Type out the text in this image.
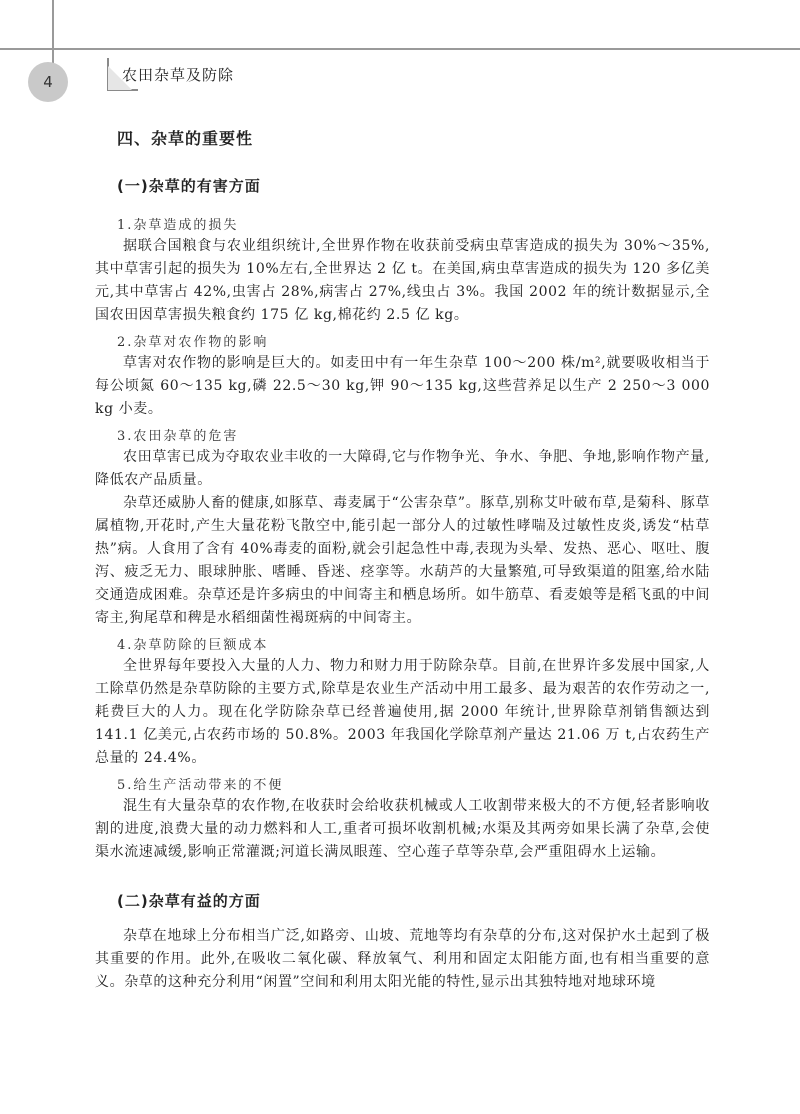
4	农田杂草及防除
四、杂草的重要性
(一)杂草的有害方面
1.杂草造成的损失

据联合国粮食与农业组织统计,全世界作物在收获前受病虫草害造成的损失为 30%～35%,其中草害引起的损失为 10%左右,全世界达 2 亿 t。在美国,病虫草害造成的损失为 120 多亿美元,其中草害占 42%,虫害占 28%,病害占 27%,线虫占 3%。我国 2002 年的统计数据显示,全国农田因草害损失粮食约 175 亿 kg,棉花约 2.5 亿 kg。

2.杂草对农作物的影响

草害对农作物的影响是巨大的。如麦田中有一年生杂草 100～200 株/m²,就要吸收相当于每公顷氮 60～135 kg,磷 22.5～30 kg,钾 90～135 kg,这些营养足以生产 2 250～3 000 kg 小麦。

3.农田杂草的危害

农田草害已成为夺取农业丰收的一大障碍,它与作物争光、争水、争肥、争地,影响作物产量,降低农产品质量。

杂草还威胁人畜的健康,如豚草、毒麦属于“公害杂草”。豚草,别称艾叶破布草,是菊科、豚草属植物,开花时,产生大量花粉飞散空中,能引起一部分人的过敏性哮喘及过敏性皮炎,诱发“枯草热”病。人食用了含有 40%毒麦的面粉,就会引起急性中毒,表现为头晕、发热、恶心、呕吐、腹泻、疲乏无力、眼球肿胀、嗜睡、昏迷、痉挛等。水葫芦的大量繁殖,可导致渠道的阻塞,给水陆交通造成困难。杂草还是许多病虫的中间寄主和栖息场所。如牛筋草、看麦娘等是稻飞虱的中间寄主,狗尾草和稗是水稻细菌性褐斑病的中间寄主。

4.杂草防除的巨额成本

全世界每年要投入大量的人力、物力和财力用于防除杂草。目前,在世界许多发展中国家,人工除草仍然是杂草防除的主要方式,除草是农业生产活动中用工最多、最为艰苦的农作劳动之一,耗费巨大的人力。现在化学防除杂草已经普遍使用,据 2000 年统计,世界除草剂销售额达到 141.1 亿美元,占农药市场的 50.8%。2003 年我国化学除草剂产量达 21.06 万 t,占农药生产总量的 24.4%。

5.给生产活动带来的不便

混生有大量杂草的农作物,在收获时会给收获机械或人工收割带来极大的不方便,轻者影响收割的进度,浪费大量的动力燃料和人工,重者可损坏收割机械;水渠及其两旁如果长满了杂草,会使渠水流速减缓,影响正常灌溉;河道长满凤眼莲、空心莲子草等杂草,会严重阻碍水上运输。

(二)杂草有益的方面

杂草在地球上分布相当广泛,如路旁、山坡、荒地等均有杂草的分布,这对保护水土起到了极其重要的作用。此外,在吸收二氧化碳、释放氧气、利用和固定太阳能方面,也有相当重要的意义。杂草的这种充分利用“闲置”空间和利用太阳光能的特性,显示出其独特地对地球环境
